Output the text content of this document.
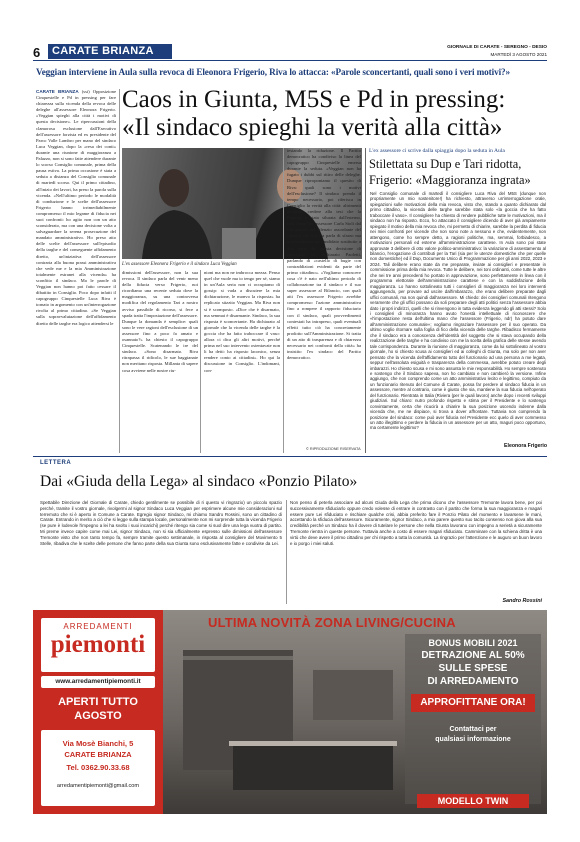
6	CARATE BRIANZA	GIORNALE DI CARATE - SEREGNO - DESIO
MARTEDÌ 3 AGOSTO 2021
Veggian interviene in Aula sulla revoca di Eleonora Frigerio, Riva lo attacca: «Parole sconcertanti, quali sono i veri motivi?»
Caos in Giunta, M5S e Pd in pressing:
«Il sindaco spieghi la verità alla città»

CARATE BRIANZA (ssi) Opposizione Cinquestelle e Pd in pressing per fare chiarezza sulla vicenda della revoca delle deleghe all'assessore Eleonora Frigerio. «Veggian spieghi alla città i motivi di questa decisione». Le ripercussioni della clamorosa esclusione dall'Esecutivo dell'assessore forzista ed ex presidente del Parco Valle Lambro per mano del sindaco Luca Veggian, dopo la «resa dei conti» durante una riunione di maggioranza a Palazzo, non si sono fatte attendere durante lo scorso Consiglio comunale, prima della pausa estiva. La prima occasione è stata a seduta a distanza del Consiglio comunale di martedì scorso. Qui il primo cittadino, all'inizio dei lavori, ha preso la parola sulla vicenda. «Nell'ultimo periodo le modalità di conduzione e le scelte dell'assessore Frigerio hanno irrimediabilmente compromesso il mio legame di fiducia nei suoi confronti: ho agito non con un atto sconsiderato, ma con una decisione volta a salvaguardare la serena prosecuzione del mandato amministrativo. Ho preso atto delle scelte dell'assessore sull'episodio della targhe e del conseguente affidamento diretto, un'iniziativa dell'assessore contraria alla buona prassi amministrativa che vede me e la mia Amministrazione totalmente estranei alla vicenda» ha sconfitto il sindaco. Ma le parole di Veggian non hanno poi fatto cessare il dibattito in Consiglio. Poco dopo infatti il capogruppo Cinquestelle Luca Riva è tornato in argomento con un'interrogazione rivolta al primo cittadino. «Se Veggian sulla sopravvalutazione dell'affidamento diretto delle targhe era logico attendersi le

L'ex assessore Eleonora Frigerio e il sindaco Luca Veggian
dimissioni dell'assessore, non la sua revoca. Il sindaco parla del venir meno della fiducia verso Frigerio, noi ricordiamo una recente seduta dove la maggioranza, su una controversa modifica del regolamento Tari a nostro avviso passibile di ricorso, si fece a spada tratta l'impostazione dell'assessore. Dunque la domanda è semplice: quali sono le vere ragioni dell'esclusione di un assessore fino a poco fa amato e osannato?» ha chiesto il capogruppo Cinquestelle. Scatenando le ire del sindaco. «Sono disarmato. Riva ritrapassa il ridicolo, le sue baggianate non meritano risposta. Millanta di sapere cosa avviene nelle nostre riu-
nioni ma non ne imbrocca mezza. Penso quel che vuole ma io tengo per sé, siamo in un'Aula seria non ci occupiamo di gossip: si vada a discutere la mia dichiarazione, le monvo la risposta» ha replicato stizzito Veggian. Ma Riva non si è scomposto. «Dice che è disarmato, ma semmai è disarmante. Sindaco, la sua risposta è sconcertante. Ha dichiarato al giornale che la vicenda delle targhe è la goccia che ha fatto traboccare il vaso: allora ci dica gli altri motivi, perché prima nel suo intervento ostentavate non li ha detti: ha risposto laconico, senza rendere conto ai cittadini». Ho qui la discussione in Consiglio. L'indomani, con-
testando la riduzione. Il Partito democratico ha condiviso la linea del capogruppo Cinquestelle emersa durante la seduta. «Veggian non ha fugato i dubbi sul ritiro delle deleghe. Dunque riproponiamo il quesito di Riva: quali sono i motivi dell'esclusione? Il sindaco prenda il tempo necessario, poi riferisca in Consiglio la verità alla città: altrimenti dovremo credere alla tesi che la Frigerio è stata silurata dall'esterno, così come l'ex assessore Carla Sioli dal suo partito nel silenzio assordante del sindaco che ora era parla di sfarzo ma non ha ancora un candidato sostituito a due mesi da questa decisione di concerto» ha dichiarato Paoletti, parlando di «castello di bugie con contraddizioni evidenti da parte del primo cittadino». «Vogliamo conoscere cosa c'è è nato nell'ultimo periodo di collaborazione tra il sindaco e il suo super assessore al Bilancio, con quali atti l'ex assessore Frigerio avrebbe compromesso l'azione amministrativa fino a rompere il rapporto fiduciario con il sindaco, quali provvedimenti contestati ha intrapreso, quali eventuali effetti tutto ciò ha concretamente prodotto sull'Amministrazione. Si tratta di un atto di trasparenza e di chiarezza necessario nei confronti della città» ha insistito l'ex sindaco del Partito democratico.
© RIPRODUZIONE RISERVATA
L'ex assessore ci scrive dalla spiaggia dopo la seduta in Aula
Stilettata su Dup e Tari ridotta,
Frigerio: «Maggioranza ingrata»
Nel Consiglio comunale di martedì il consigliere Luca Riva del M5S (dunque non propriamente un mio sostenitore!) ha richiesto, attraverso un'interrogazione orale, spiegazioni sulle motivazioni della mia revoca, visto che, stando a quanto dichiarato dal primo cittadino, la vicenda delle targhe sarebbe stata solo «la goccia che ha fatto traboccare il vaso». Il consigliere ha chiesto di rendere pubbliche tutte le motivazioni, ma il sindaco non ha risposto. Ecco, ho attaccato il consigliere dicendo di aver già ampiamente spiegato il motivo della mia revoca che, mi permetto di chiarire, sarebbe la perdita di fiducia nei miei confronti per vicende che non sono note a nessuno e che, evidentemente, non attengono, come ho sempre detto, a ragioni politiche, ma, semmai, forbiadesco, a motivazioni personali ed esterne all'amministrazione carattese. In Aula sono poi state approvate 3 delibere di otto valore politico-amministrativo: la variazione di assestamento al bilancio, l'erogazione di contributi per la Tari (sia per le utenze domestiche che per quelle non domestiche) ed il Dup, Documento Unico di Programmazione per gli anni 2022, 2023 e 2024. Tali delibere erano state da me preparate, inviate ai consiglieri e presentate in commissione prima della mia revoca. Tutte le delibere, nei toni ordinanti, come tutte le altre che nei tre anni precedenti ho portato in approvazione, sono perfettamente in linea con il programma elettorale dell'amministrazione carattese e con la soddisfazione della maggioranza. Lo hanno sottolineato tutti i consiglieri di maggioranza nei loro interventi aggiungendo, per provare ad uscire dall'imbarazzo, che erano delibere preparate dagli uffici comunali, ma non quindi dall'assessore. Mi chiedo: dei consiglieri comunali ritengono veramente che gli uffici possano da soli preparare degli atti politici senza l'assessore abbia dato i propri indirizzi, quelli che si rinvengono in tutta evidenza leggendo gli atti stessi? Solo i consiglieri di minoranza hanno avuto l'onestà intellettuale di riconoscere che «l'impostazione resta dell'ultima mano che l'assessore (Frigerio, ndr) ha potuto dare all'amministrazione comunale»; vogliamo ringraziare l'assessore per il suo operato. Da ultimo voglio ritornare sulla foglia di fico della vicenda delle targhe. Ribadisco fermamente che il sindaco era a conoscenza dell'identità del soggetto che si stava occupando della realizzazione delle targhe e ha condiviso con me la scelta della grafica delle stesse avendo tale corrispondenza. Durante la riunione di maggioranza, come da lui sottolineato al vostro giornale, ho si chiesto scusa ai consiglieri ed ai colleghi di Giunta, ma solo per non aver pensato che la vicenda dell'affidamento tutto del funzionario ad una persona a me legata, seppur nell'assoluta esiguità e trasparenza della commessa, avrebbe potuto creare degli imbarazzi. Ho chiesto scusa e mi sono assunta le mie responsabilità. Ho sempre sostenuto e sostengo che il Sindaco sapeva, non ho cambiato e non cambierò la versione. Infine aggiungo, che non comprendo come un atto amministrativo lecito e legittimo, compiuto da un funzionario ritenuto del Comune di Carate, possa far perdere al sindaco fiducia in un assessore, mentre al contrario, come è giusto che sia, mantiene la sua fiducia nell'operato del funzionario. Rientrata in Italia (Riviera (per le quali lavoro) anche dopo i recenti sviluppi giudiziari. Sul chiaro: nutro profondo rispetto e stima per il Presidente e lo sostengo convintamente, certa che ricucirà a chiarire la sua posizione uscendo indenne dalla vicenda che, me ne dispiace, si trova a dover affrontare. Tuttavia non comprendo la posizione del sindaco: come può aver fiducia nel Presidente ecc quelo di aver commesso un atto illegittimo e perdere la fiducia in un assessore per un atto, maguri poco opportuno, ma certamente legittimo?
Eleonora Frigerio
LETTERA
Dai «Giuda della Lega» al sindaco «Ponzio Pilato»
Spettabile Direzione del Giornale di Carate, chiedo gentilmente se possibile di ri questo vi ringrazio) un piccolo spazio perché, tramite il vostro giornale, rivolgermi al signor Sindaco Luca Veggian per esprimere alcune mie considerazioni sul terremoto che si è aperto in Comune a Carate. Egregio signor Sindaco, mi chiamo Sandro Rossini, sono un cittadino di Carate. Entrando in merito a ciò che si legge sulla stampa locale, personalmente non mi sorprende tutta la vicenda Frigerio (se pure è lodevole l'impegno a lei ha svolto i suoi incarichi) perché ritengo sia come si suol dire una lega vuotra di partito. Mi preme invece capire come mai Lei, signor Sindaco, non si sia ufficialmente espresso sulle dimissioni dell'assessore Tremonte visto che non tanto tempo fa, sempre tramite questo settimanale, in risposta al consigliere del Movimento 5 Stelle, ribadiva che le scelte delle persone che fanno parte della sua Giunta sono esclusivamente fatte e condivise da Lei.
Non penso di peterla associare ad alcuni Giuda della Lega che prima dicono che l'assessore Tremonte lavora bene, per poi successivamente sfiduciarlo oppure credo volesse di entrare in contrasto con il partito che forma la sua maggioranza e magari essere pure Lei sfiduciato e rischiare qualche crisi, abbia preferito fare il Ponzio Pilato del momento e lavarsene le mani, accettando la sfiducia dell'assessore. Sicuramente, signor Sindaco, a mio parere questo suo tacito consenso non giova alla sua credibilità perché un Sindaco ha il dovere di tutelare le persone che nella Giunta lavorano con impegno a serietà a sicuramente Tremonte rientra in queste persone. Tuttavia anche a costo di essere magari sfiduciato. Camminare con la schiena dritta è una virtù che deve avere il primo cittadino per chi rispetto a tutta la comunità. La ringrazio per l'attenzione e le auguro un buon lavoro e io porgo i miei saluti.
Sandro Rossini
ARREDAMENTI
piemonti
www.arredamentipiemonti.it
APERTI TUTTO
AGOSTO
Via Mosè Bianchi, 5
CARATE BRIANZA
Tel. 0362.90.33.68
arredamentipiemonti@gmail.com
ULTIMA NOVITÀ ZONA LIVING/CUCINA
BONUS MOBILI 2021
DETRAZIONE AL 50%
SULLE SPESE
DI ARREDAMENTO
APPROFITTANE ORA!
Contattaci per
qualsiasi informazione
MODELLO TWIN
